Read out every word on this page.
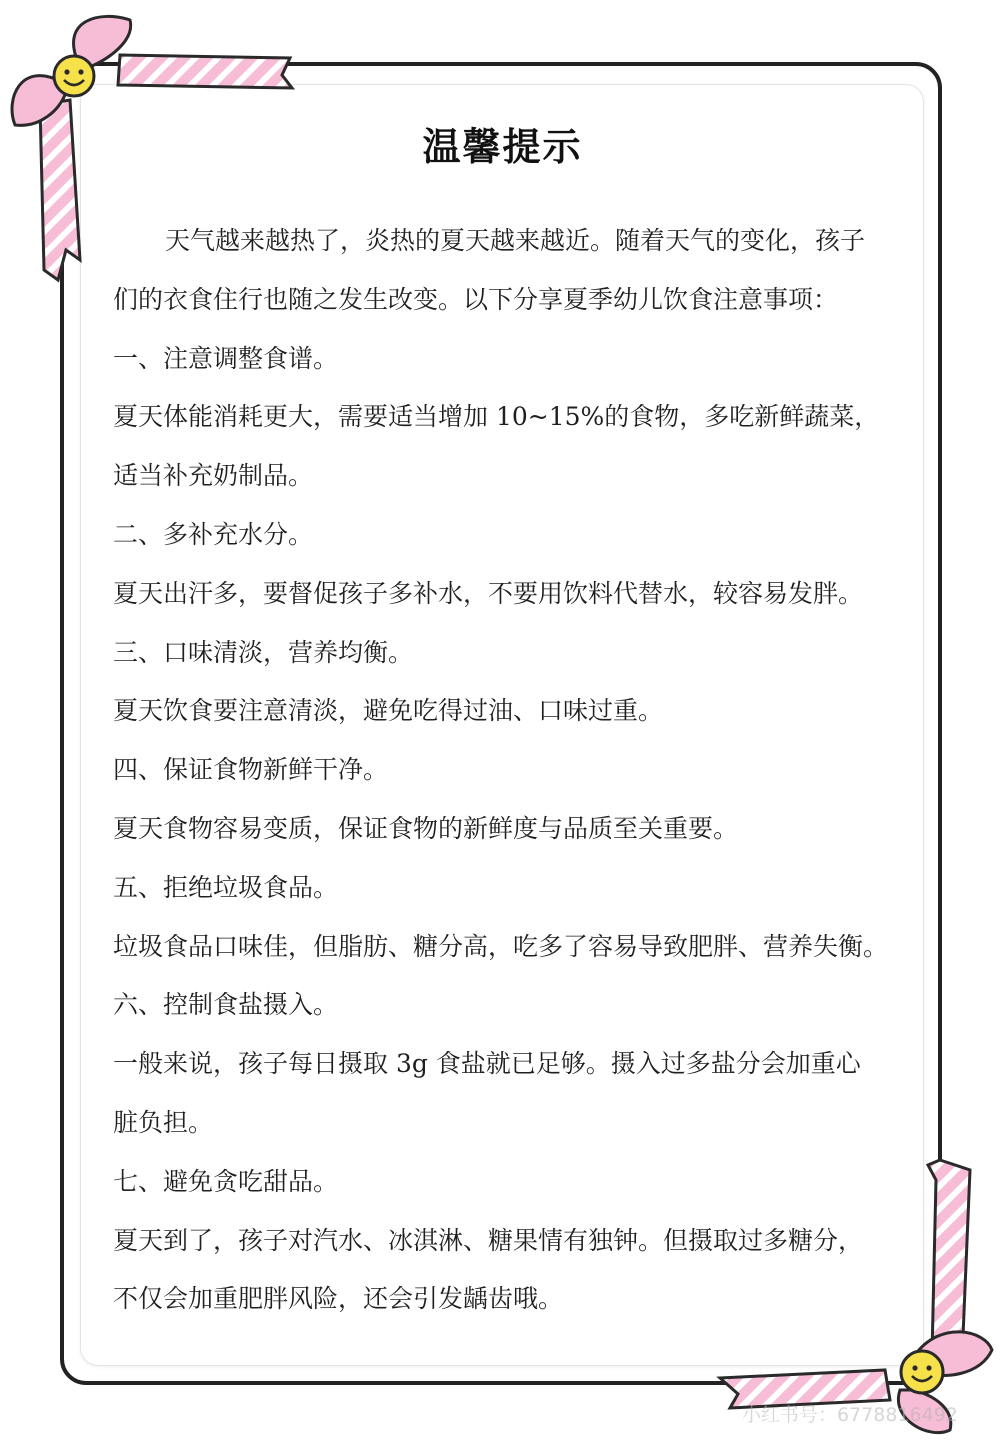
温馨提示
天气越来越热了，炎热的夏天越来越近。随着天气的变化，孩子
们的衣食住行也随之发生改变。以下分享夏季幼儿饮食注意事项：
一、注意调整食谱。
夏天体能消耗更大，需要适当增加 10~15%的食物，多吃新鲜蔬菜，
适当补充奶制品。
二、多补充水分。
夏天出汗多，要督促孩子多补水，不要用饮料代替水，较容易发胖。
三、口味清淡，营养均衡。
夏天饮食要注意清淡，避免吃得过油、口味过重。
四、保证食物新鲜干净。
夏天食物容易变质，保证食物的新鲜度与品质至关重要。
五、拒绝垃圾食品。
垃圾食品口味佳，但脂肪、糖分高，吃多了容易导致肥胖、营养失衡。
六、控制食盐摄入。
一般来说，孩子每日摄取 3g 食盐就已足够。摄入过多盐分会加重心
脏负担。
七、避免贪吃甜品。
夏天到了，孩子对汽水、冰淇淋、糖果情有独钟。但摄取过多糖分，
不仅会加重肥胖风险，还会引发龋齿哦。
小红书号：6778816492
